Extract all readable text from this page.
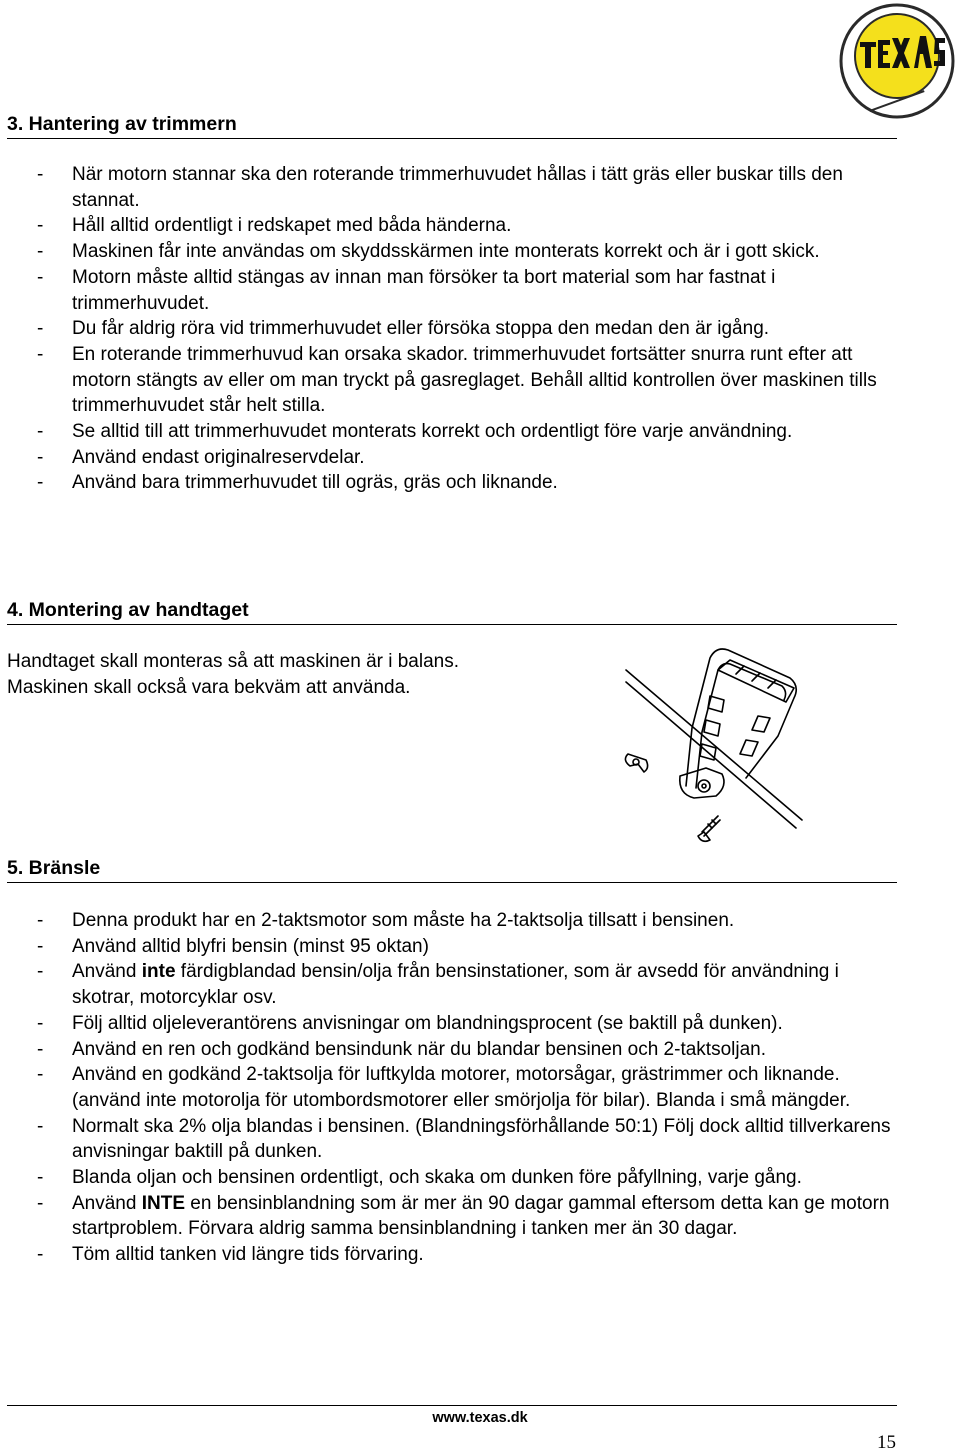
3. Hantering av trimmern
- När motorn stannar ska den roterande trimmerhuvudet hållas i tätt gräs eller buskar tills den stannat.
- Håll alltid ordentligt i redskapet med båda händerna.
- Maskinen får inte användas om skyddsskärmen inte monterats korrekt och är i gott skick.
- Motorn måste alltid stängas av innan man försöker ta bort material som har fastnat i trimmerhuvudet.
- Du får aldrig röra vid trimmerhuvudet eller försöka stoppa den medan den är igång.
- En roterande trimmerhuvud kan orsaka skador. trimmerhuvudet fortsätter snurra runt efter att motorn stängts av eller om man tryckt på gasreglaget. Behåll alltid kontrollen över maskinen tills trimmerhuvudet står helt stilla.
- Se alltid till att trimmerhuvudet monterats korrekt och ordentligt före varje användning.
- Använd endast originalreservdelar.
- Använd bara trimmerhuvudet till ogräs, gräs och liknande.
4. Montering av handtaget

Handtaget skall monteras så att maskinen är i balans.
Maskinen skall också vara bekväm att använda.

5. Bränsle
- Denna produkt har en 2-taktsmotor som måste ha 2-taktsolja tillsatt i bensinen.
- Använd alltid blyfri bensin (minst 95 oktan)
- Använd inte färdigblandad bensin/olja från bensinstationer, som är avsedd för användning i skotrar, motorcyklar osv.
- Följ alltid oljeleverantörens anvisningar om blandningsprocent (se baktill på dunken).
- Använd en ren och godkänd bensindunk när du blandar bensinen och 2-taktsoljan.
- Använd en godkänd 2-taktsolja för luftkylda motorer, motorsågar, grästrimmer och liknande. (använd inte motorolja för utombordsmotorer eller smörjolja för bilar). Blanda i små mängder.
- Normalt ska 2% olja blandas i bensinen. (Blandningsförhållande 50:1) Följ dock alltid tillverkarens anvisningar baktill på dunken.
- Blanda oljan och bensinen ordentligt, och skaka om dunken före påfyllning, varje gång.
- Använd INTE en bensinblandning som är mer än 90 dagar gammal eftersom detta kan ge motorn startproblem. Förvara aldrig samma bensinblandning i tanken mer än 30 dagar.
- Töm alltid tanken vid längre tids förvaring.
www.texas.dk
15
